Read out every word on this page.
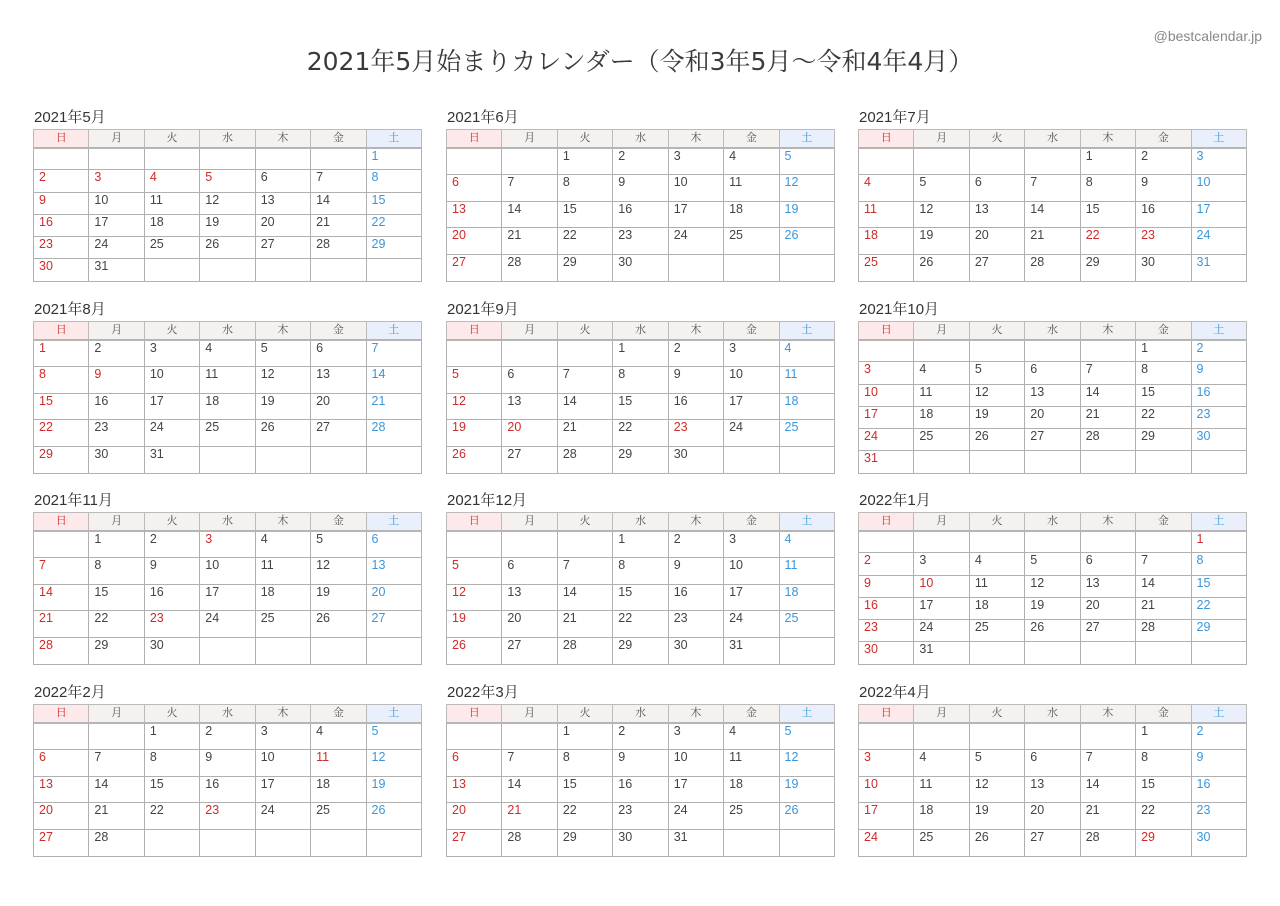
2021年5月始まりカレンダー（令和3年5月〜令和4年4月）
@bestcalendar.jp
2021年5月
日	月	火	水	木	金	土
						1
2	3	4	5	6	7	8
9	10	11	12	13	14	15
16	17	18	19	20	21	22
23	24	25	26	27	28	29
30	31					
2021年6月
日	月	火	水	木	金	土
		1	2	3	4	5
6	7	8	9	10	11	12
13	14	15	16	17	18	19
20	21	22	23	24	25	26
27	28	29	30			
2021年7月
日	月	火	水	木	金	土
				1	2	3
4	5	6	7	8	9	10
11	12	13	14	15	16	17
18	19	20	21	22	23	24
25	26	27	28	29	30	31
2021年8月
日	月	火	水	木	金	土
1	2	3	4	5	6	7
8	9	10	11	12	13	14
15	16	17	18	19	20	21
22	23	24	25	26	27	28
29	30	31				
2021年9月
日	月	火	水	木	金	土
			1	2	3	4
5	6	7	8	9	10	11
12	13	14	15	16	17	18
19	20	21	22	23	24	25
26	27	28	29	30		
2021年10月
日	月	火	水	木	金	土
					1	2
3	4	5	6	7	8	9
10	11	12	13	14	15	16
17	18	19	20	21	22	23
24	25	26	27	28	29	30
31						
2021年11月
日	月	火	水	木	金	土
	1	2	3	4	5	6
7	8	9	10	11	12	13
14	15	16	17	18	19	20
21	22	23	24	25	26	27
28	29	30				
2021年12月
日	月	火	水	木	金	土
			1	2	3	4
5	6	7	8	9	10	11
12	13	14	15	16	17	18
19	20	21	22	23	24	25
26	27	28	29	30	31	
2022年1月
日	月	火	水	木	金	土
						1
2	3	4	5	6	7	8
9	10	11	12	13	14	15
16	17	18	19	20	21	22
23	24	25	26	27	28	29
30	31					
2022年2月
日	月	火	水	木	金	土
		1	2	3	4	5
6	7	8	9	10	11	12
13	14	15	16	17	18	19
20	21	22	23	24	25	26
27	28					
2022年3月
日	月	火	水	木	金	土
		1	2	3	4	5
6	7	8	9	10	11	12
13	14	15	16	17	18	19
20	21	22	23	24	25	26
27	28	29	30	31		
2022年4月
日	月	火	水	木	金	土
					1	2
3	4	5	6	7	8	9
10	11	12	13	14	15	16
17	18	19	20	21	22	23
24	25	26	27	28	29	30
